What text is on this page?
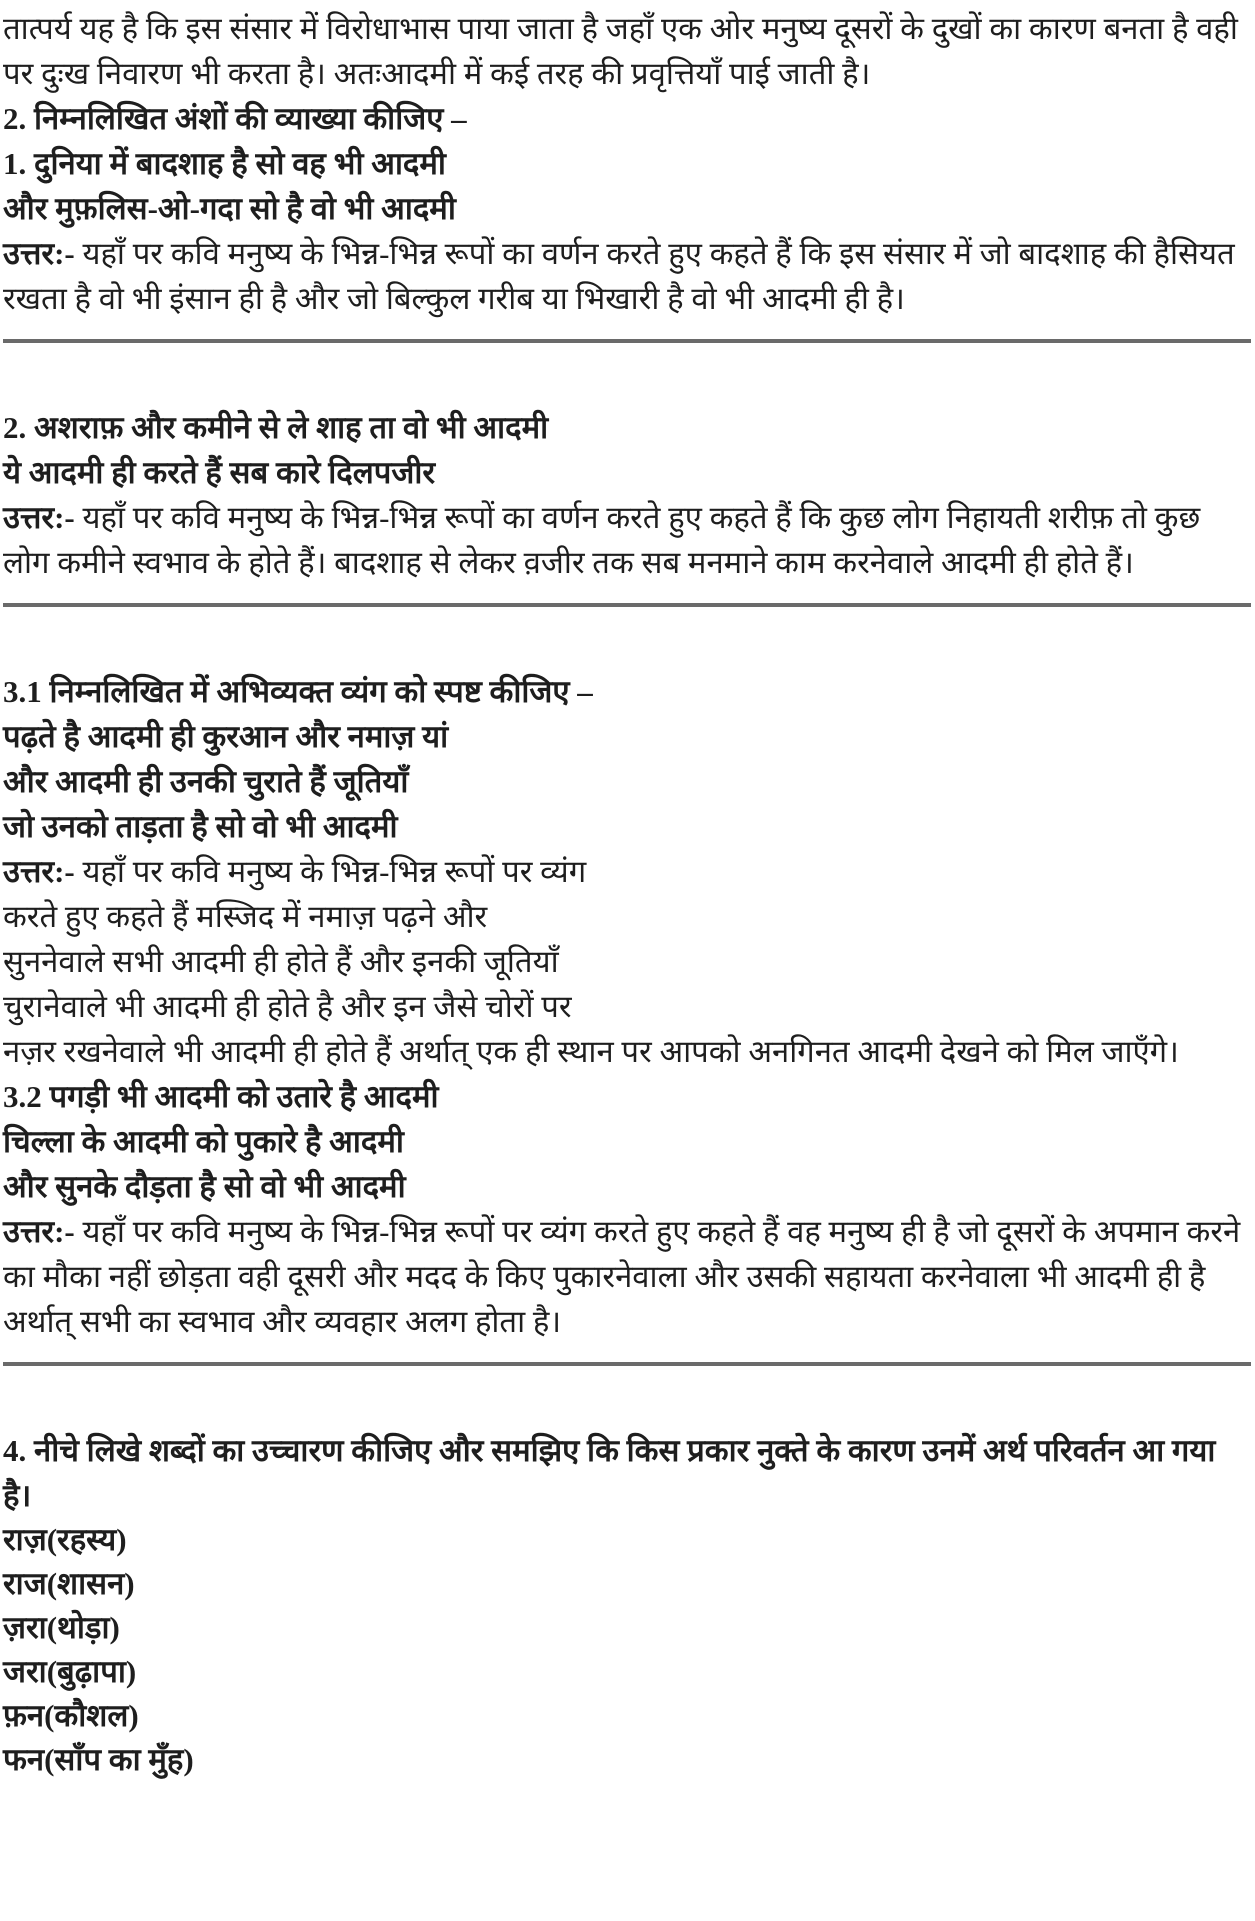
तात्पर्य यह है कि इस संसार में विरोधाभास पाया जाता है जहाँ एक ओर मनुष्य दूसरों के दुखों का कारण बनता है वही पर दुःख निवारण भी करता है। अतःआदमी में कई तरह की प्रवृत्तियाँ पाई जाती है।

2. निम्नलिखित अंशों की व्याख्या कीजिए –

1. दुनिया में बादशाह है सो वह भी आदमी

और मुफ़लिस-ओ-गदा सो है वो भी आदमी

उत्तर:- यहाँ पर कवि मनुष्य के भिन्न-भिन्न रूपों का वर्णन करते हुए कहते हैं कि इस संसार में जो बादशाह की हैसियत रखता है वो भी इंसान ही है और जो बिल्कुल गरीब या भिखारी है वो भी आदमी ही है।

2. अशराफ़ और कमीने से ले शाह ता वो भी आदमी

ये आदमी ही करते हैं सब कारे दिलपजीर

उत्तर:- यहाँ पर कवि मनुष्य के भिन्न-भिन्न रूपों का वर्णन करते हुए कहते हैं कि कुछ लोग निहायती शरीफ़ तो कुछ लोग कमीने स्वभाव के होते हैं। बादशाह से लेकर व़जीर तक सब मनमाने काम करनेवाले आदमी ही होते हैं।

3.1 निम्नलिखित में अभिव्यक्त व्यंग को स्पष्ट कीजिए –

पढ़ते है आदमी ही कुरआन और नमाज़ यां

और आदमी ही उनकी चुराते हैं जूतियाँ

जो उनको ताड़ता है सो वो भी आदमी

उत्तर:- यहाँ पर कवि मनुष्य के भिन्न-भिन्न रूपों पर व्यंग
करते हुए कहते हैं मस्जिद में नमाज़ पढ़ने और
सुननेवाले सभी आदमी ही होते हैं और इनकी जूतियाँ
चुरानेवाले भी आदमी ही होते है और इन जैसे चोरों पर
नज़र रखनेवाले भी आदमी ही होते हैं अर्थात् एक ही स्थान पर आपको अनगिनत आदमी देखने को मिल जाएँगे।

3.2 पगड़ी भी आदमी को उतारे है आदमी

चिल्ला के आदमी को पुकारे है आदमी

और सुनके दौड़ता है सो वो भी आदमी

उत्तर:- यहाँ पर कवि मनुष्य के भिन्न-भिन्न रूपों पर व्यंग करते हुए कहते हैं वह मनुष्य ही है जो दूसरों के अपमान करने का मौका नहीं छोड़ता वही दूसरी और मदद के किए पुकारनेवाला और उसकी सहायता करनेवाला भी आदमी ही है अर्थात् सभी का स्वभाव और व्यवहार अलग होता है।

4. नीचे लिखे शब्दों का उच्चारण कीजिए और समझिए कि किस प्रकार नुक्ते के कारण उनमें अर्थ परिवर्तन आ गया है।

राज़(रहस्य)

राज(शासन)

ज़रा(थोड़ा)

जरा(बुढ़ापा)

फ़न(कौशल)

फन(साँप का मुँह)
